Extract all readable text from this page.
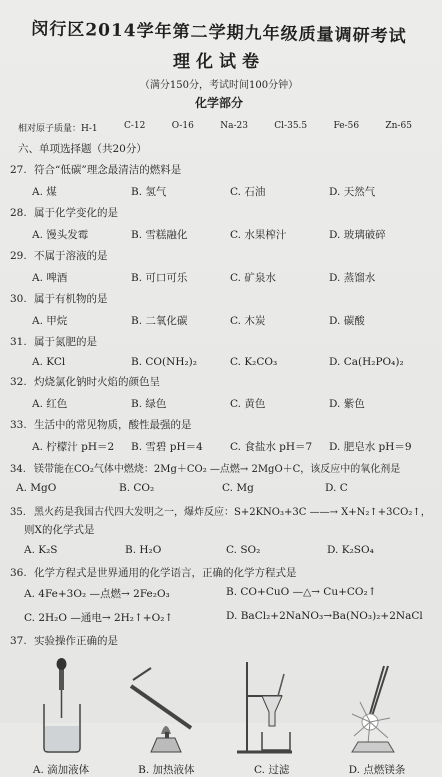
闵行区2014学年第二学期九年级质量调研考试
理化试卷
（满分150分，考试时间100分钟）
化学部分
相对原子质量：H-1	C-12	O-16	Na-23	Cl-35.5	Fe-56	Zn-65
六、单项选择题（共20分）
27. 符合“低碳”理念最清洁的燃料是
A. 煤	B. 氢气	C. 石油	D. 天然气
28. 属于化学变化的是
A. 馒头发霉	B. 雪糕融化	C. 水果榨汁	D. 玻璃破碎
29. 不属于溶液的是
A. 啤酒	B. 可口可乐	C. 矿泉水	D. 蒸馏水
30. 属于有机物的是
A. 甲烷	B. 二氧化碳	C. 木炭	D. 碳酸
31. 属于氮肥的是
A. KCl	B. CO(NH₂)₂	C. K₂CO₃	D. Ca(H₂PO₄)₂
32. 灼烧氯化钠时火焰的颜色呈
A. 红色	B. 绿色	C. 黄色	D. 紫色
33. 生活中的常见物质，酸性最强的是
A. 柠檬汁 pH＝2	B. 雪碧 pH＝4	C. 食盐水 pH＝7	D. 肥皂水 pH＝9
34. 镁带能在CO₂气体中燃烧：2Mg＋CO₂ —点燃→ 2MgO＋C，该反应中的氧化剂是
A. MgO	B. CO₂	C. Mg	D. C
35. 黑火药是我国古代四大发明之一，爆炸反应：S+2KNO₃+3C ——→ X+N₂↑+3CO₂↑，
则X的化学式是
A. K₂S	B. H₂O	C. SO₂	D. K₂SO₄
36. 化学方程式是世界通用的化学语言，正确的化学方程式是
A. 4Fe+3O₂ —点燃→ 2Fe₂O₃	B. CO+CuO —△→ Cu+CO₂↑
C. 2H₂O —通电→ 2H₂↑+O₂↑	D. BaCl₂+2NaNO₃→Ba(NO₃)₂+2NaCl
37. 实验操作正确的是
A. 滴加液体	B. 加热液体	C. 过滤	D. 点燃镁条
